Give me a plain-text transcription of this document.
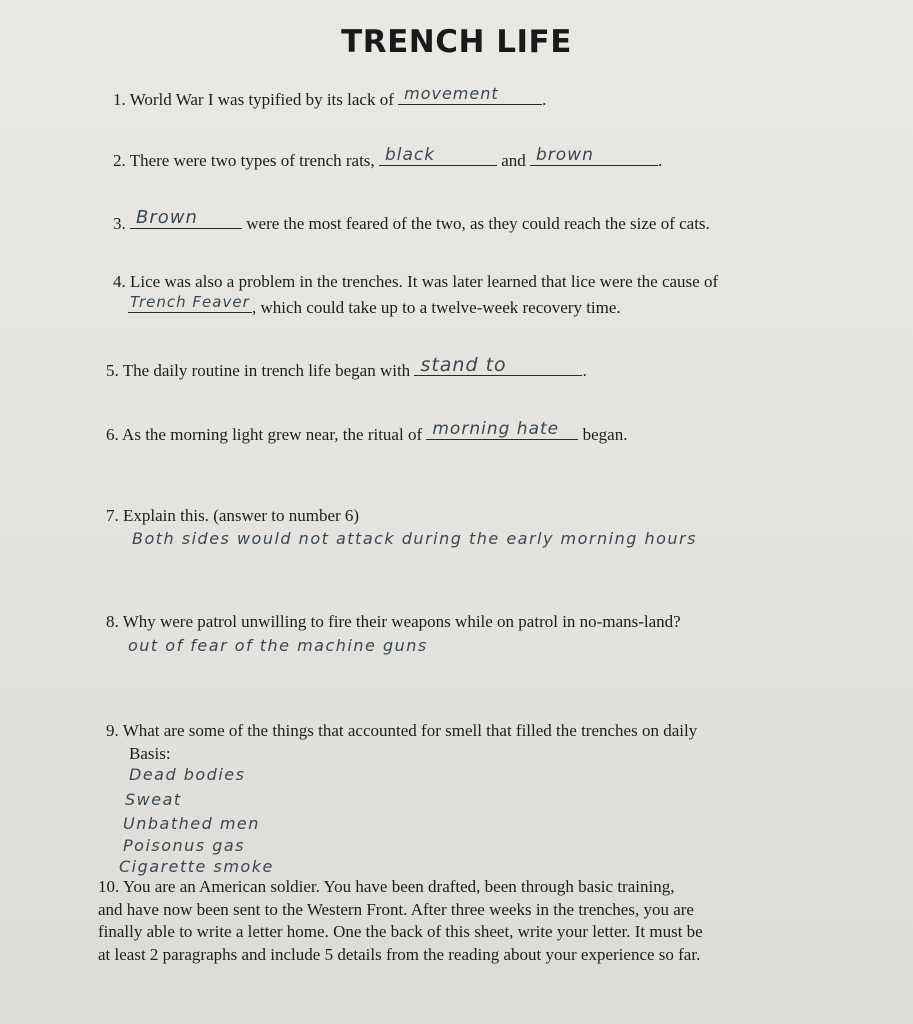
TRENCH LIFE
1. World War I was typified by its lack of movement	.
2. There were two types of trench rats, black	and brown	.
3. Brown	were the most feared of the two, as they could reach the size of cats.
4. Lice was also a problem in the trenches. It was later learned that lice were the cause of
Trench Feaver , which could take up to a twelve-week recovery time.
5. The daily routine in trench life began with stand to	.
6. As the morning light grew near, the ritual of morning hate began.
7. Explain this. (answer to number 6)
Both sides would not attack during the early morning hours
8. Why were patrol unwilling to fire their weapons while on patrol in no-mans-land?
out of fear of the machine guns
9. What are some of the things that accounted for smell that filled the trenches on daily
Basis:
Dead bodies
Sweat
Unbathed men
Poisonus gas
Cigarette smoke
10. You are an American soldier. You have been drafted, been through basic training,
and have now been sent to the Western Front. After three weeks in the trenches, you are
finally able to write a letter home. One the back of this sheet, write your letter. It must be
at least 2 paragraphs and include 5 details from the reading about your experience so far.
